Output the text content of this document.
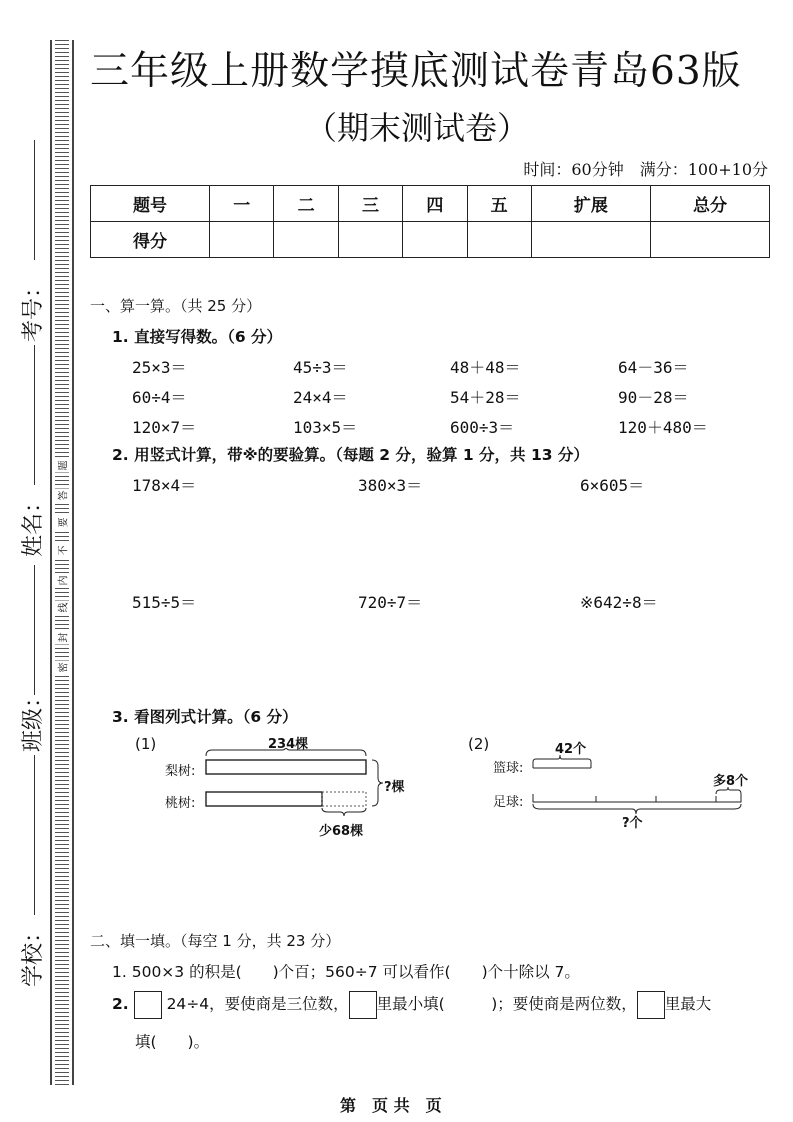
题
答
要
不
内
线
封
密
考号：
姓名：
班级：
学校：
三年级上册数学摸底测试卷青岛63版
（期末测试卷）
时间：60分钟　满分：100+10分
题号	一	二	三	四	五	扩展	总分
得分							
一、算一算。（共 25 分）
1. 直接写得数。（6 分）
25×3＝	45÷3＝	48＋48＝	64－36＝
60÷4＝	24×4＝	54＋28＝	90－28＝
120×7＝	103×5＝	600÷3＝	120＋480＝
2. 用竖式计算，带※的要验算。（每题 2 分，验算 1 分，共 13 分）
178×4＝	380×3＝	6×605＝
515÷5＝	720÷7＝	※642÷8＝
3. 看图列式计算。（6 分）
(1)	234棵
梨树:
桃树:
少68棵
?棵
(2)	42个
篮球:
足球:
多8个
?个
二、填一填。（每空 1 分，共 23 分）
1. 500×3 的积是(　　)个百；560÷7 可以看作(　　)个十除以 7。
2. 24÷4，要使商是三位数， 里最小填(　　　)；要使商是两位数， 里最大
填(　　)。
第　页 共　页
